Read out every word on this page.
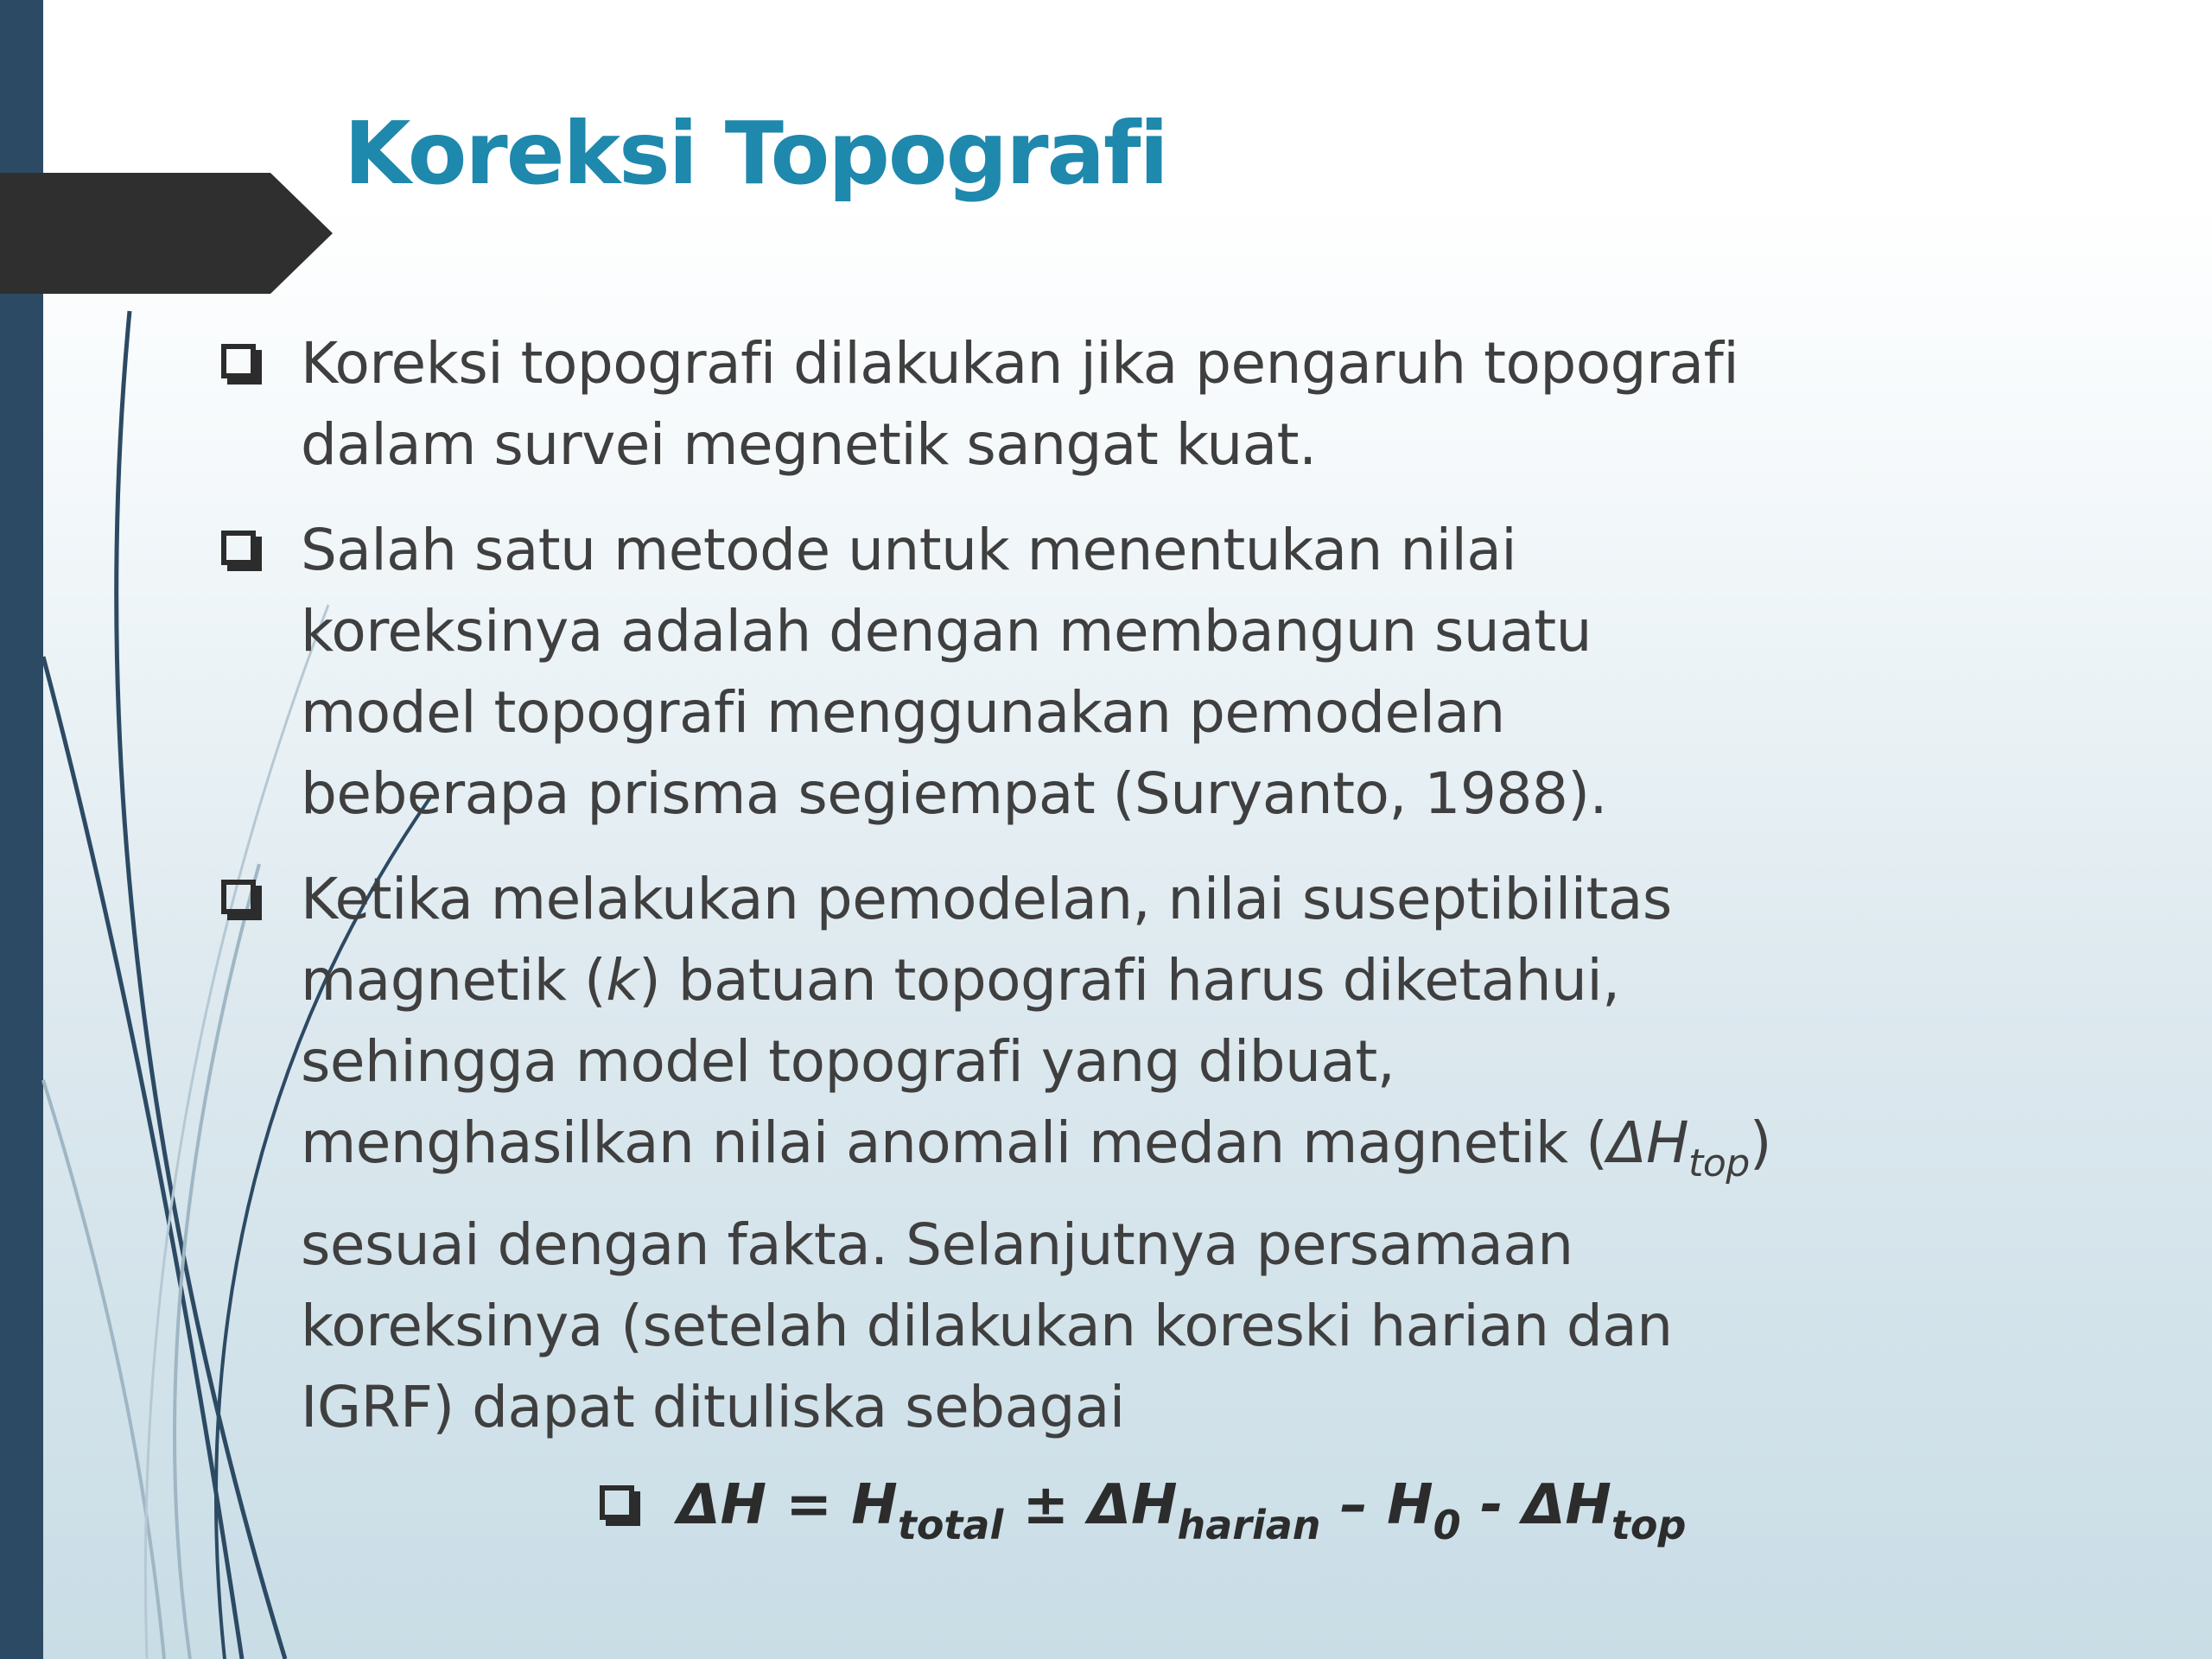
Koreksi Topografi
Koreksi topografi dilakukan jika pengaruh topografi
dalam survei megnetik sangat kuat.
Salah satu metode untuk menentukan nilai
koreksinya adalah dengan membangun suatu
model topografi menggunakan pemodelan
beberapa prisma segiempat (Suryanto, 1988).
Ketika melakukan pemodelan, nilai suseptibilitas
magnetik (k) batuan topografi harus diketahui,
sehingga model topografi yang dibuat,
menghasilkan nilai anomali medan magnetik $(\Delta H_{top})$
sesuai dengan fakta. Selanjutnya persamaan
koreksinya (setelah dilakukan koreski harian dan
IGRF) dapat dituliska sebagai
$\Delta H = H_{total} \pm \Delta H_{harian} - H_0 - \Delta H_{top}$
